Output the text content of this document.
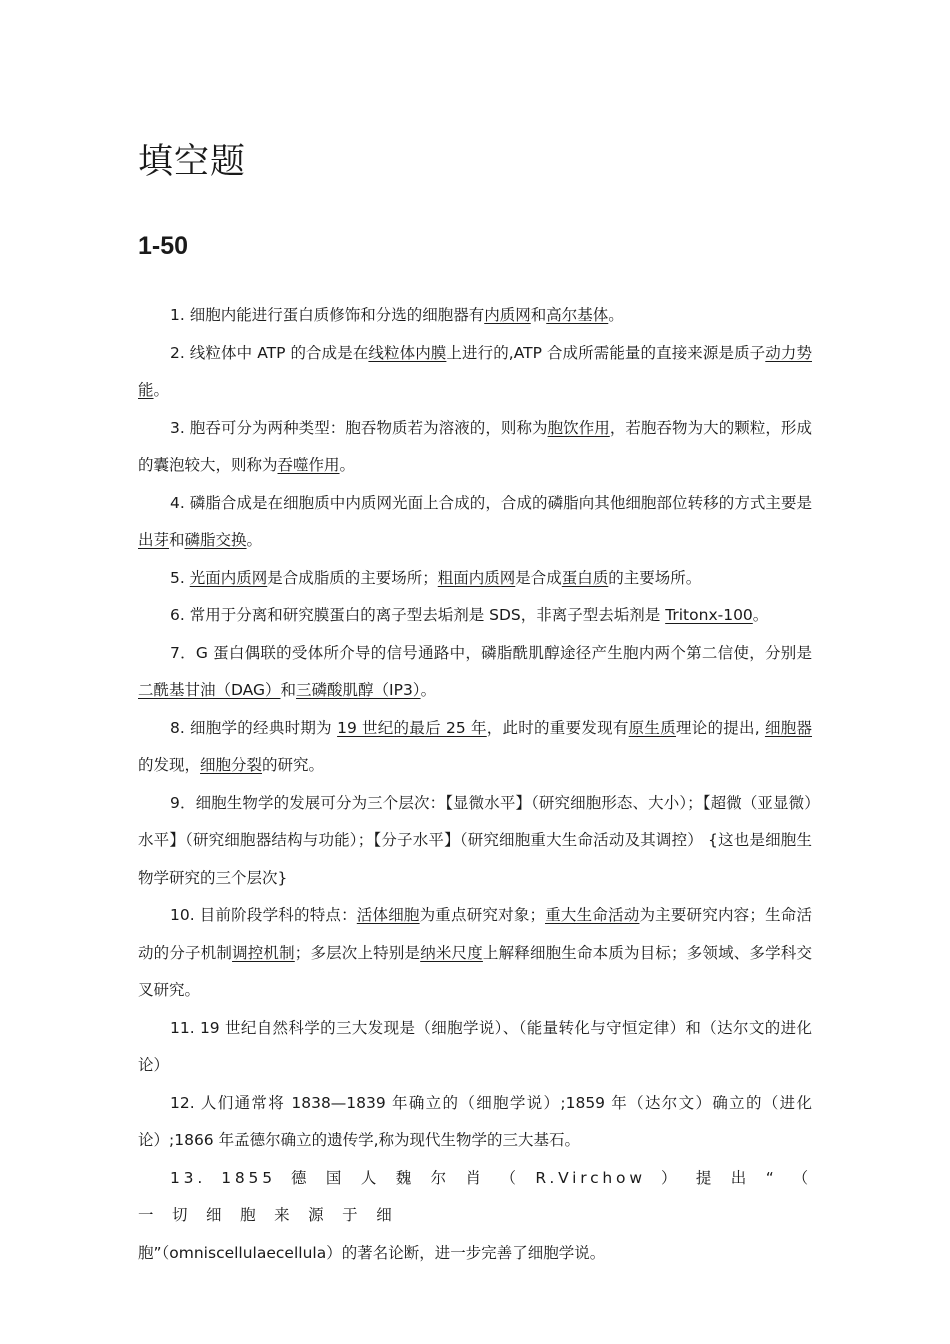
填空题
1-50

1. 细胞内能进行蛋白质修饰和分选的细胞器有内质网和高尔基体。

2. 线粒体中 ATP 的合成是在线粒体内膜上进行的,ATP 合成所需能量的直接来源是质子动力势能。

3. 胞吞可分为两种类型：胞吞物质若为溶液的，则称为胞饮作用，若胞吞物为大的颗粒，形成的囊泡较大，则称为吞噬作用。

4. 磷脂合成是在细胞质中内质网光面上合成的，合成的磷脂向其他细胞部位转移的方式主要是出芽和磷脂交换。

5. 光面内质网是合成脂质的主要场所；粗面内质网是合成蛋白质的主要场所。

6. 常用于分离和研究膜蛋白的离子型去垢剂是 SDS，非离子型去垢剂是 Tritonx-100。

7．G 蛋白偶联的受体所介导的信号通路中，磷脂酰肌醇途径产生胞内两个第二信使，分别是二酰基甘油（DAG）和三磷酸肌醇（IP3）。

8. 细胞学的经典时期为 19 世纪的最后 25 年，此时的重要发现有原生质理论的提出, 细胞器的发现，细胞分裂的研究。

9．细胞生物学的发展可分为三个层次：【显微水平】（研究细胞形态、大小）；【超微（亚显微）水平】（研究细胞器结构与功能）；【分子水平】（研究细胞重大生命活动及其调控） {这也是细胞生物学研究的三个层次}

10. 目前阶段学科的特点：活体细胞为重点研究对象；重大生命活动为主要研究内容；生命活动的分子机制调控机制；多层次上特别是纳米尺度上解释细胞生命本质为目标；多领域、多学科交叉研究。

11. 19 世纪自然科学的三大发现是（细胞学说）、（能量转化与守恒定律）和（达尔文的进化论）

12. 人们通常将 1838—1839 年确立的（细胞学说）;1859 年（达尔文）确立的（进化论）;1866 年孟德尔确立的遗传学,称为现代生物学的三大基石。

13. 1855 德 国 人 魏 尔 肖 （ R.Virchow ） 提 出 “ （ 一 切 细 胞 来 源 于 细
胞”（omniscellulaecellula）的著名论断，进一步完善了细胞学说。
